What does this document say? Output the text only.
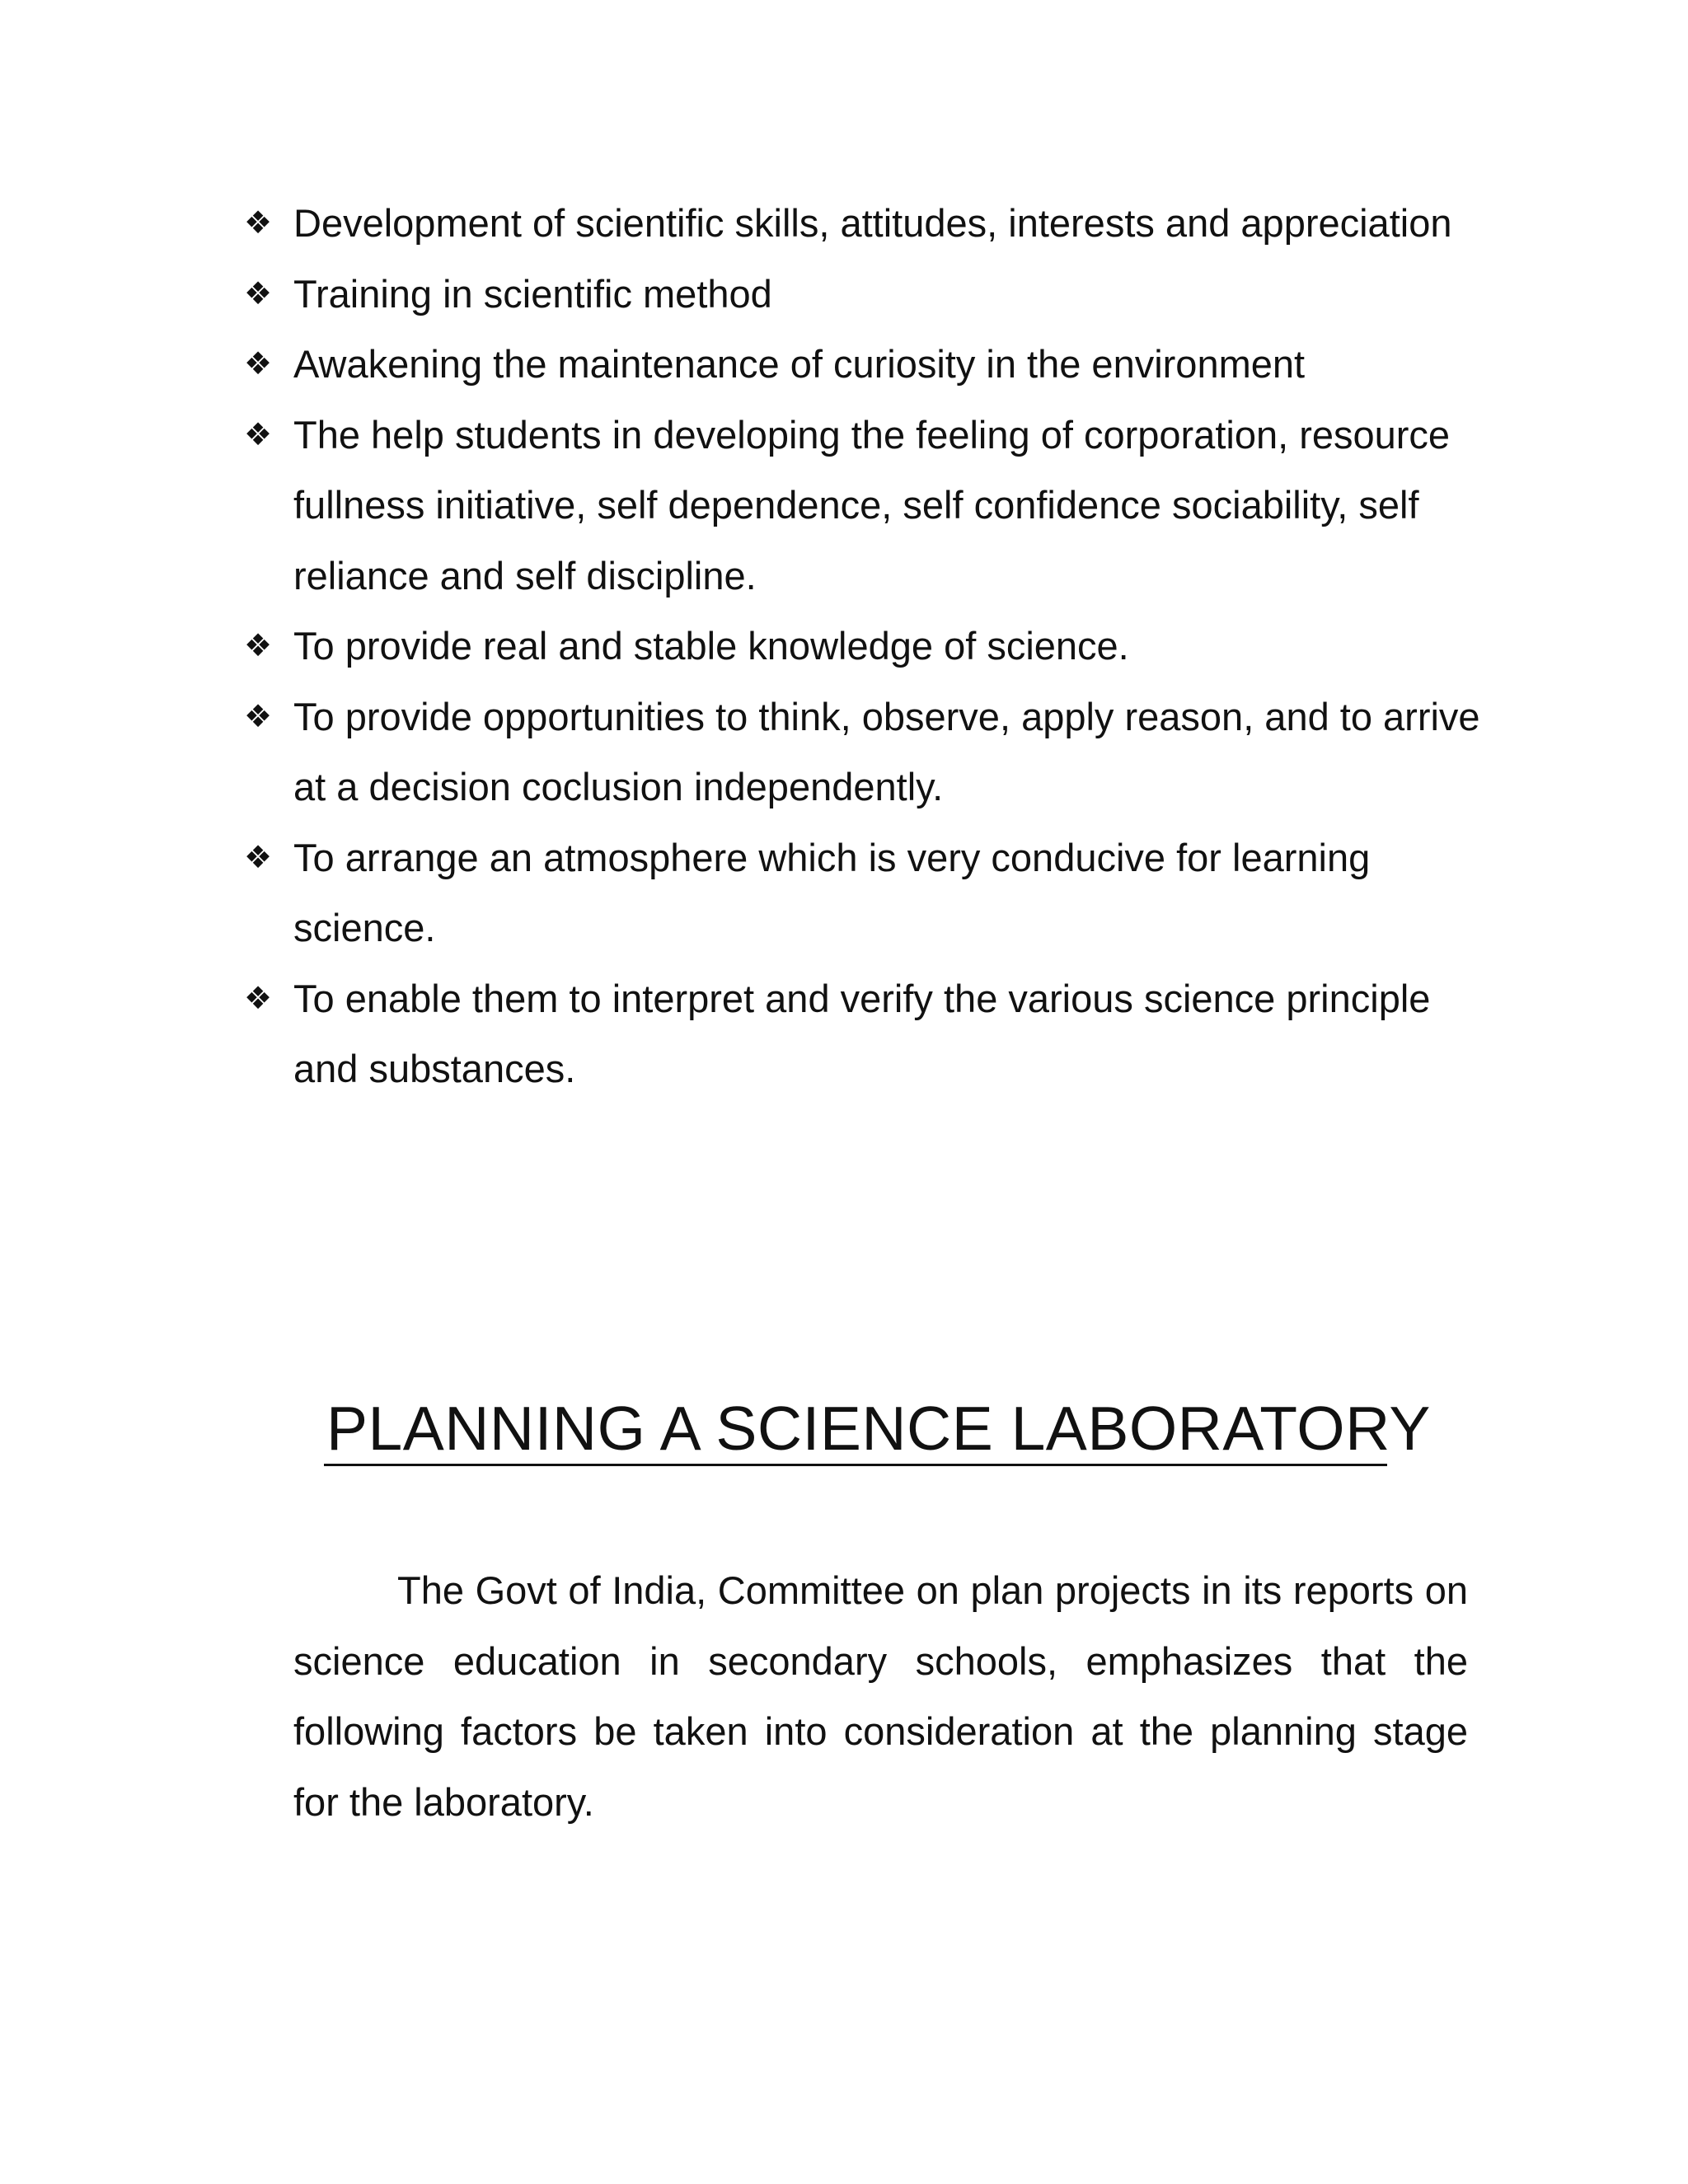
❖ Development of scientific skills, attitudes, interests and appreciation
❖ Training in scientific method
❖ Awakening the maintenance of curiosity in the environment
❖ The help students in developing the feeling of corporation, resource fullness initiative, self dependence, self confidence sociability, self reliance and self discipline.
❖ To provide real and stable knowledge of science.
❖ To provide opportunities to think, observe, apply reason, and to arrive at a decision coclusion independently.
❖ To arrange an atmosphere which is very conducive for learning science.
❖ To enable them to interpret and verify the various science principle and substances.
PLANNING A SCIENCE LABORATORY

The Govt of India, Committee on plan projects in its reports on science education in secondary schools, emphasizes that the following factors be taken into consideration at the planning stage for the laboratory.
